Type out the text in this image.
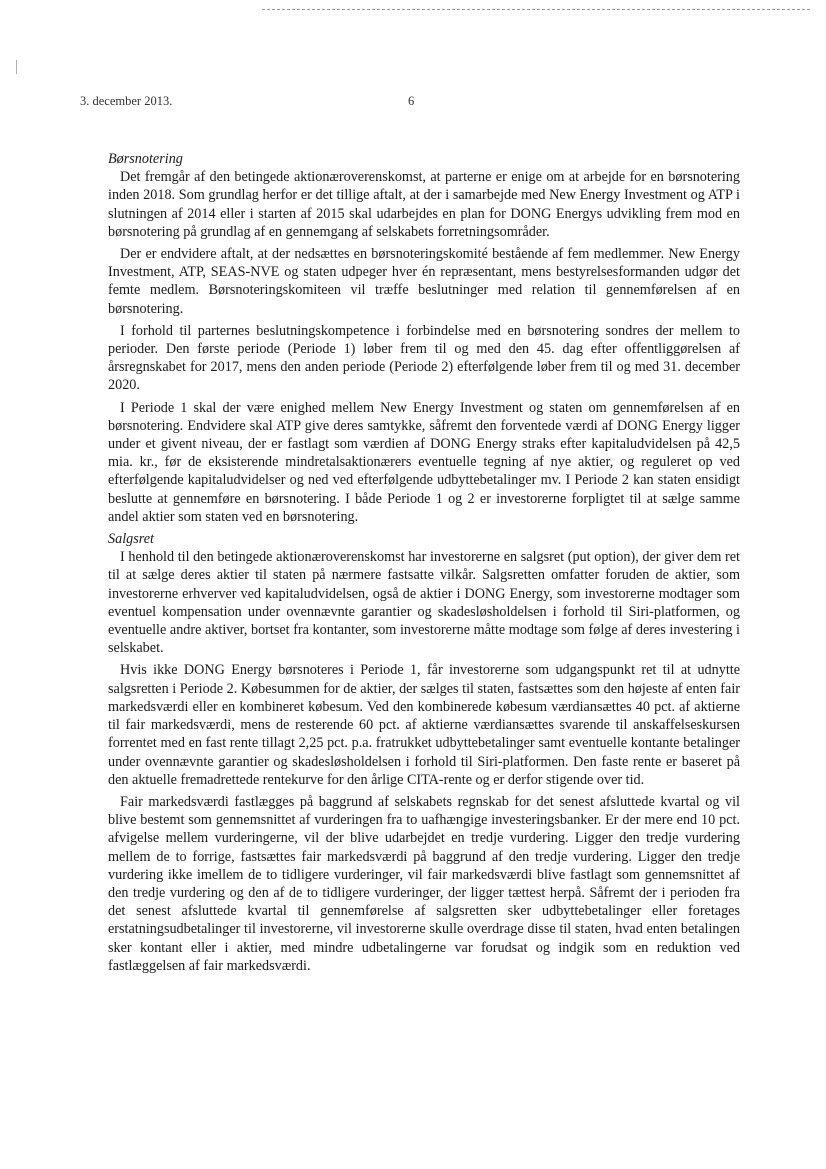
3. december 2013.	6
Børsnotering

Det fremgår af den betingede aktionæroverenskomst, at parterne er enige om at arbejde for en børsnotering inden 2018. Som grundlag herfor er det tillige aftalt, at der i samarbejde med New Energy Investment og ATP i slutningen af 2014 eller i starten af 2015 skal udarbejdes en plan for DONG Energys udvikling frem mod en børsnotering på grundlag af en gennemgang af selskabets forretningsområder.

Der er endvidere aftalt, at der nedsættes en børsnoteringskomité bestående af fem medlemmer. New Energy Investment, ATP, SEAS-NVE og staten udpeger hver én repræsentant, mens bestyrelsesformanden udgør det femte medlem. Børsnoteringskomiteen vil træffe beslutninger med relation til gennemførelsen af en børsnotering.

I forhold til parternes beslutningskompetence i forbindelse med en børsnotering sondres der mellem to perioder. Den første periode (Periode 1) løber frem til og med den 45. dag efter offentliggørelsen af årsregnskabet for 2017, mens den anden periode (Periode 2) efterfølgende løber frem til og med 31. december 2020.

I Periode 1 skal der være enighed mellem New Energy Investment og staten om gennemførelsen af en børsnotering. Endvidere skal ATP give deres samtykke, såfremt den forventede værdi af DONG Energy ligger under et givent niveau, der er fastlagt som værdien af DONG Energy straks efter kapitaludvidelsen på 42,5 mia. kr., før de eksisterende mindretalsaktionærers eventuelle tegning af nye aktier, og reguleret op ved efterfølgende kapitaludvidelser og ned ved efterfølgende udbyttebetalinger mv. I Periode 2 kan staten ensidigt beslutte at gennemføre en børsnotering. I både Periode 1 og 2 er investorerne forpligtet til at sælge samme andel aktier som staten ved en børsnotering.

Salgsret

I henhold til den betingede aktionæroverenskomst har investorerne en salgsret (put option), der giver dem ret til at sælge deres aktier til staten på nærmere fastsatte vilkår. Salgsretten omfatter foruden de aktier, som investorerne erhverver ved kapitaludvidelsen, også de aktier i DONG Energy, som investorerne modtager som eventuel kompensation under ovennævnte garantier og skadesløsholdelsen i forhold til Siri-platformen, og eventuelle andre aktiver, bortset fra kontanter, som investorerne måtte modtage som følge af deres investering i selskabet.

Hvis ikke DONG Energy børsnoteres i Periode 1, får investorerne som udgangspunkt ret til at udnytte salgsretten i Periode 2. Købesummen for de aktier, der sælges til staten, fastsættes som den højeste af enten fair markedsværdi eller en kombineret købesum. Ved den kombinerede købesum værdiansættes 40 pct. af aktierne til fair markedsværdi, mens de resterende 60 pct. af aktierne værdiansættes svarende til anskaffelseskursen forrentet med en fast rente tillagt 2,25 pct. p.a. fratrukket udbyttebetalinger samt eventuelle kontante betalinger under ovennævnte garantier og skadesløsholdelsen i forhold til Siri-platformen. Den faste rente er baseret på den aktuelle fremadrettede rentekurve for den årlige CITA-rente og er derfor stigende over tid.

Fair markedsværdi fastlægges på baggrund af selskabets regnskab for det senest afsluttede kvartal og vil blive bestemt som gennemsnittet af vurderingen fra to uafhængige investeringsbanker. Er der mere end 10 pct. afvigelse mellem vurderingerne, vil der blive udarbejdet en tredje vurdering. Ligger den tredje vurdering mellem de to forrige, fastsættes fair markedsværdi på baggrund af den tredje vurdering. Ligger den tredje vurdering ikke imellem de to tidligere vurderinger, vil fair markedsværdi blive fastlagt som gennemsnittet af den tredje vurdering og den af de to tidligere vurderinger, der ligger tættest herpå. Såfremt der i perioden fra det senest afsluttede kvartal til gennemførelse af salgsretten sker udbyttebetalinger eller foretages erstatningsudbetalinger til investorerne, vil investorerne skulle overdrage disse til staten, hvad enten betalingen sker kontant eller i aktier, med mindre udbetalingerne var forudsat og indgik som en reduktion ved fastlæggelsen af fair markedsværdi.
